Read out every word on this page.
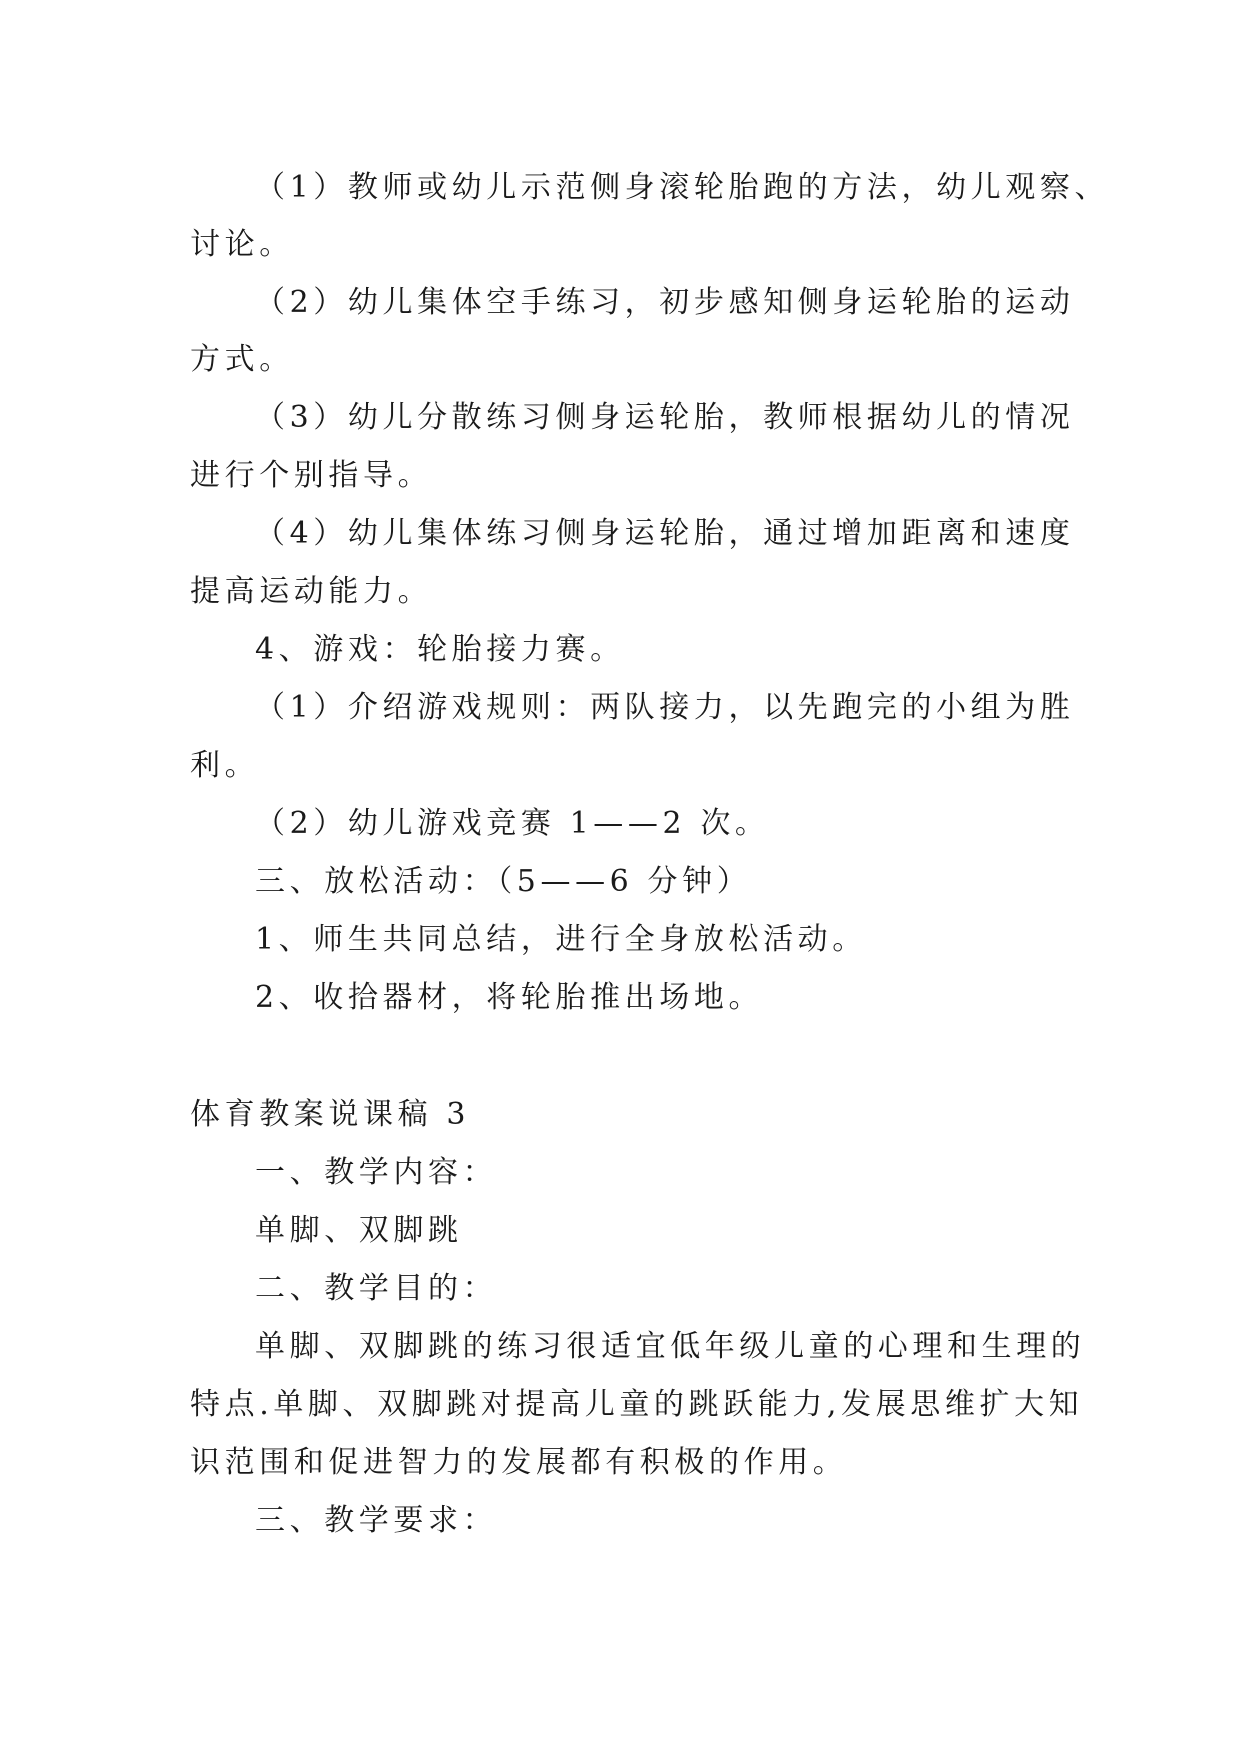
（1）教师或幼儿示范侧身滚轮胎跑的方法，幼儿观察、
讨论。
（2）幼儿集体空手练习，初步感知侧身运轮胎的运动
方式。
（3）幼儿分散练习侧身运轮胎，教师根据幼儿的情况
进行个别指导。
（4）幼儿集体练习侧身运轮胎，通过增加距离和速度
提高运动能力。
4、游戏：轮胎接力赛。
（1）介绍游戏规则：两队接力，以先跑完的小组为胜
利。
（2）幼儿游戏竞赛 1——2 次。
三、放松活动：（5——6 分钟）
1、师生共同总结，进行全身放松活动。
2、收拾器材，将轮胎推出场地。
体育教案说课稿 3
一、教学内容：
单脚、双脚跳
二、教学目的：
单脚、双脚跳的练习很适宜低年级儿童的心理和生理的
特点.单脚、双脚跳对提高儿童的跳跃能力,发展思维扩大知
识范围和促进智力的发展都有积极的作用。
三、教学要求：
